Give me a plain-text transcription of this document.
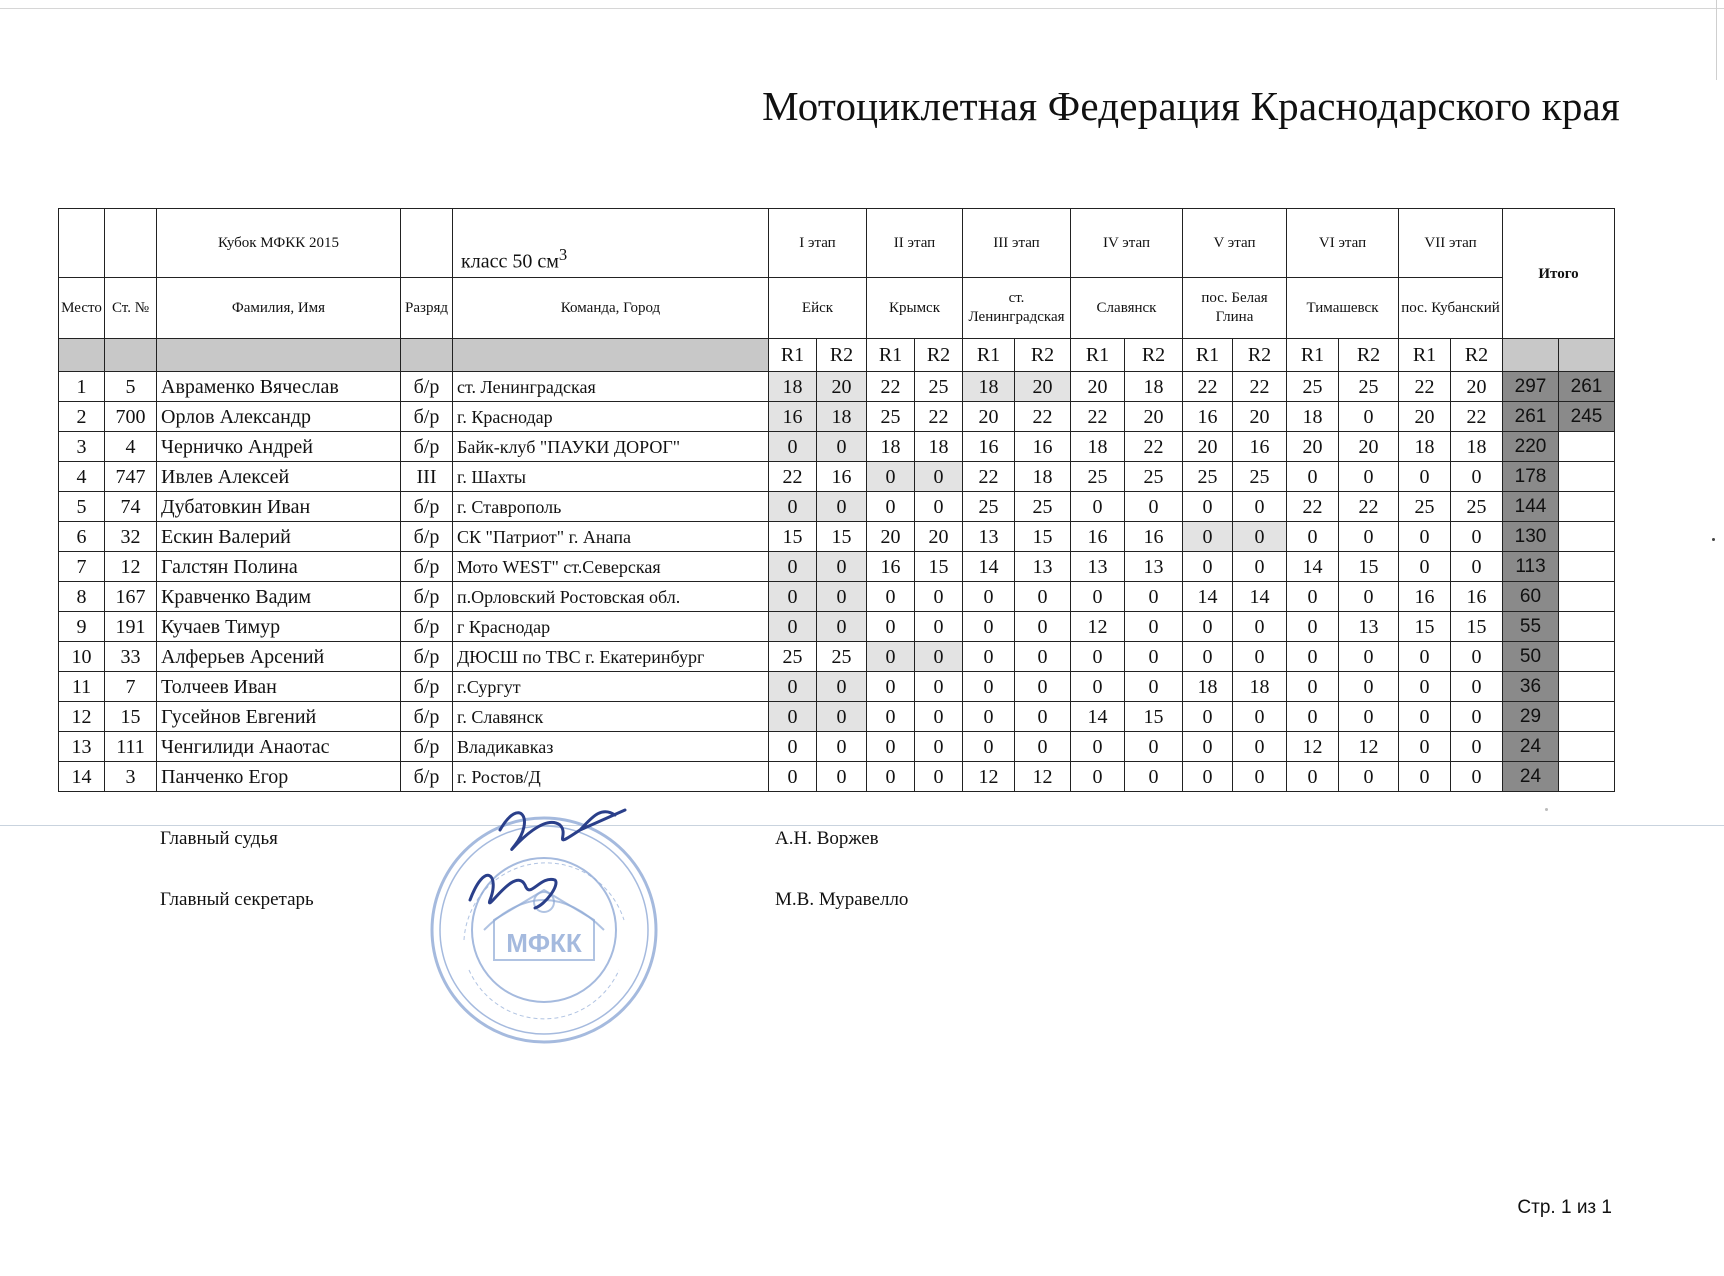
Мотоциклетная Федерация Краснодарского края
		Кубок МФКК 2015		класс 50 $см^3$	I этап		II этап		III этап		IV этап		V этап		VI этап		VII этап		Итого	
Место	Ст. №	Фамилия, Имя	Разряд	Команда, Город	Ейск		Крымск		ст. Ленинградская		Славянск		пос. Белая Глина		Тимашевск		пос. Кубанский			
					R1	R2	R1	R2	R1	R2	R1	R2	R1	R2	R1	R2	R1	R2		
1	5	Авраменко Вячеслав	б/р	ст. Ленинградская	18	20	22	25	18	20	20	18	22	22	25	25	22	20	297	261
2	700	Орлов Александр	б/р	г. Краснодар	16	18	25	22	20	22	22	20	16	20	18	0	20	22	261	245
3	4	Черничко Андрей	б/р	Байк-клуб "ПАУКИ ДОРОГ"	0	0	18	18	16	16	18	22	20	16	20	20	18	18	220	
4	747	Ивлев Алексей	III	г. Шахты	22	16	0	0	22	18	25	25	25	25	0	0	0	0	178	
5	74	Дубатовкин Иван	б/р	г. Ставрополь	0	0	0	0	25	25	0	0	0	0	22	22	25	25	144	
6	32	Ескин Валерий	б/р	СК "Патриот" г. Анапа	15	15	20	20	13	15	16	16	0	0	0	0	0	0	130	
7	12	Галстян Полина	б/р	Мото WEST" ст.Северская	0	0	16	15	14	13	13	13	0	0	14	15	0	0	113	
8	167	Кравченко Вадим	б/р	п.Орловский Ростовская обл.	0	0	0	0	0	0	0	0	14	14	0	0	16	16	60	
9	191	Кучаев Тимур	б/р	г Краснодар	0	0	0	0	0	0	12	0	0	0	0	13	15	15	55	
10	33	Алферьев Арсений	б/р	ДЮСШ по ТВС г. Екатеринбург	25	25	0	0	0	0	0	0	0	0	0	0	0	0	50	
11	7	Толчеев Иван	б/р	г.Сургут	0	0	0	0	0	0	0	0	18	18	0	0	0	0	36	
12	15	Гусейнов Евгений	б/р	г. Славянск	0	0	0	0	0	0	14	15	0	0	0	0	0	0	29	
13	111	Ченгилиди Анаотас	б/р	Владикавказ	0	0	0	0	0	0	0	0	0	0	12	12	0	0	24	
14	3	Панченко Егор	б/р	г. Ростов/Д	0	0	0	0	12	12	0	0	0	0	0	0	0	0	24	
Главный судья	А.Н. Воржев
Главный секретарь	М.В. Муравелло
МФКК
Стр. 1 из 1
